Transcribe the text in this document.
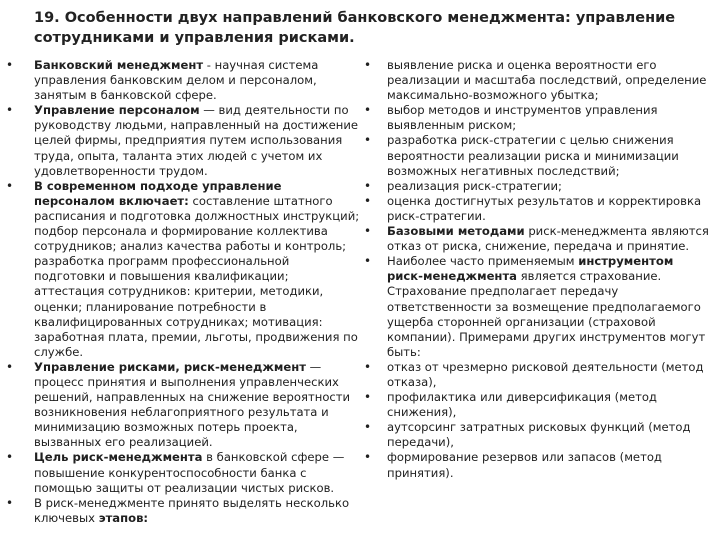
19. Особенности двух направлений банковского менеджмента: управление сотрудниками и управления рисками.
• Банковский менеджмент - научная система управления банковским делом и персоналом, занятым в банковской сфере.
• Управление персоналом — вид деятельности по руководству людьми, направленный на достижение целей фирмы, предприятия путем использования труда, опыта, таланта этих людей с учетом их удовлетворенности трудом.
• В современном подходе управление персоналом включает: составление штатного расписания и подготовка должностных инструкций; подбор персонала и формирование коллектива сотрудников; анализ качества работы и контроль; разработка программ профессиональной подготовки и повышения квалификации; аттестация сотрудников: критерии, методики, оценки; планирование потребности в квалифицированных сотрудниках; мотивация: заработная плата, премии, льготы, продвижения по службе.
• Управление рисками, риск-менеджмент — процесс принятия и выполнения управленческих решений, направленных на снижение вероятности возникновения неблагоприятного результата и минимизацию возможных потерь проекта, вызванных его реализацией.
• Цель риск-менеджмента в банковской сфере — повышение конкурентоспособности банка с помощью защиты от реализации чистых рисков.
• В риск-менеджменте принято выделять несколько ключевых этапов:
• выявление риска и оценка вероятности его реализации и масштаба последствий, определение максимально-возможного убытка;
• выбор методов и инструментов управления выявленным риском;
• разработка риск-стратегии с целью снижения вероятности реализации риска и минимизации возможных негативных последствий;
• реализация риск-стратегии;
• оценка достигнутых результатов и корректировка риск-стратегии.
• Базовыми методами риск-менеджмента являются отказ от риска, снижение, передача и принятие.
• Наиболее часто применяемым инструментом риск-менеджмента является страхование.
Страхование предполагает передачу ответственности за возмещение предполагаемого ущерба сторонней организации (страховой компании). Примерами других инструментов могут быть:
• отказ от чрезмерно рисковой деятельности (метод отказа),
• профилактика или диверсификация (метод снижения),
• аутсорсинг затратных рисковых функций (метод передачи),
• формирование резервов или запасов (метод принятия).
